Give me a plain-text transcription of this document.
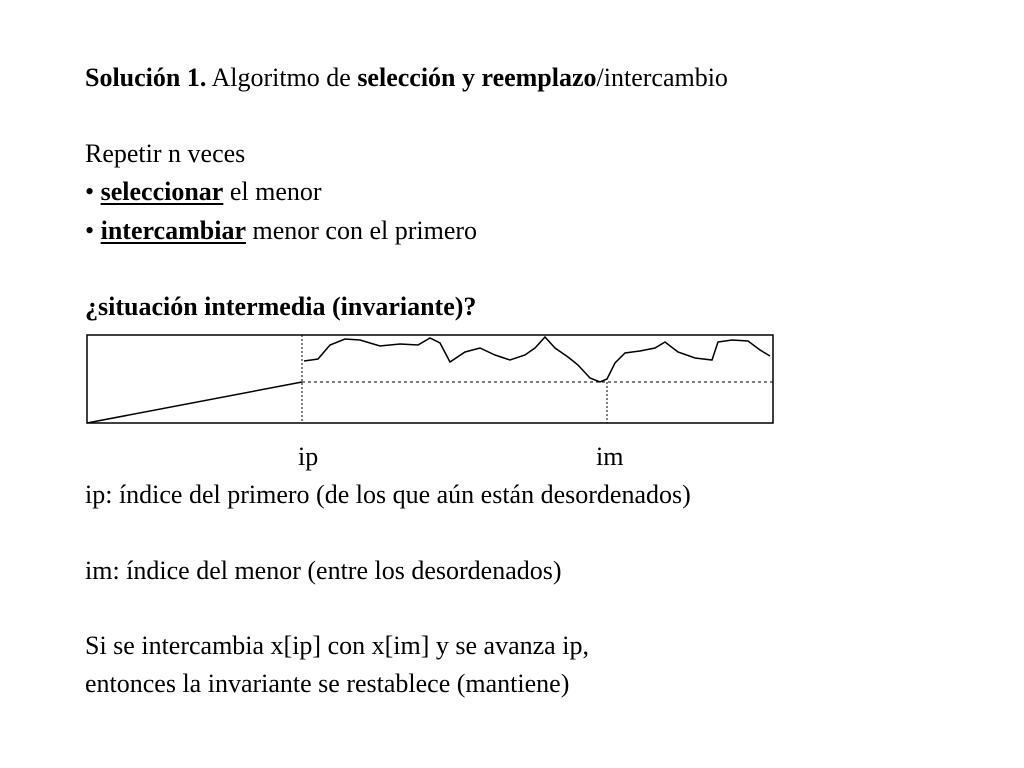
Solución 1. Algoritmo de selección y reemplazo/intercambio
Repetir n veces
• seleccionar el menor
• intercambiar menor con el primero
¿situación intermedia (invariante)?
ip	im
ip: índice del primero (de los que aún están desordenados)
im: índice del menor (entre los desordenados)
Si se intercambia x[ip] con x[im] y se avanza ip,
entonces la invariante se restablece (mantiene)
